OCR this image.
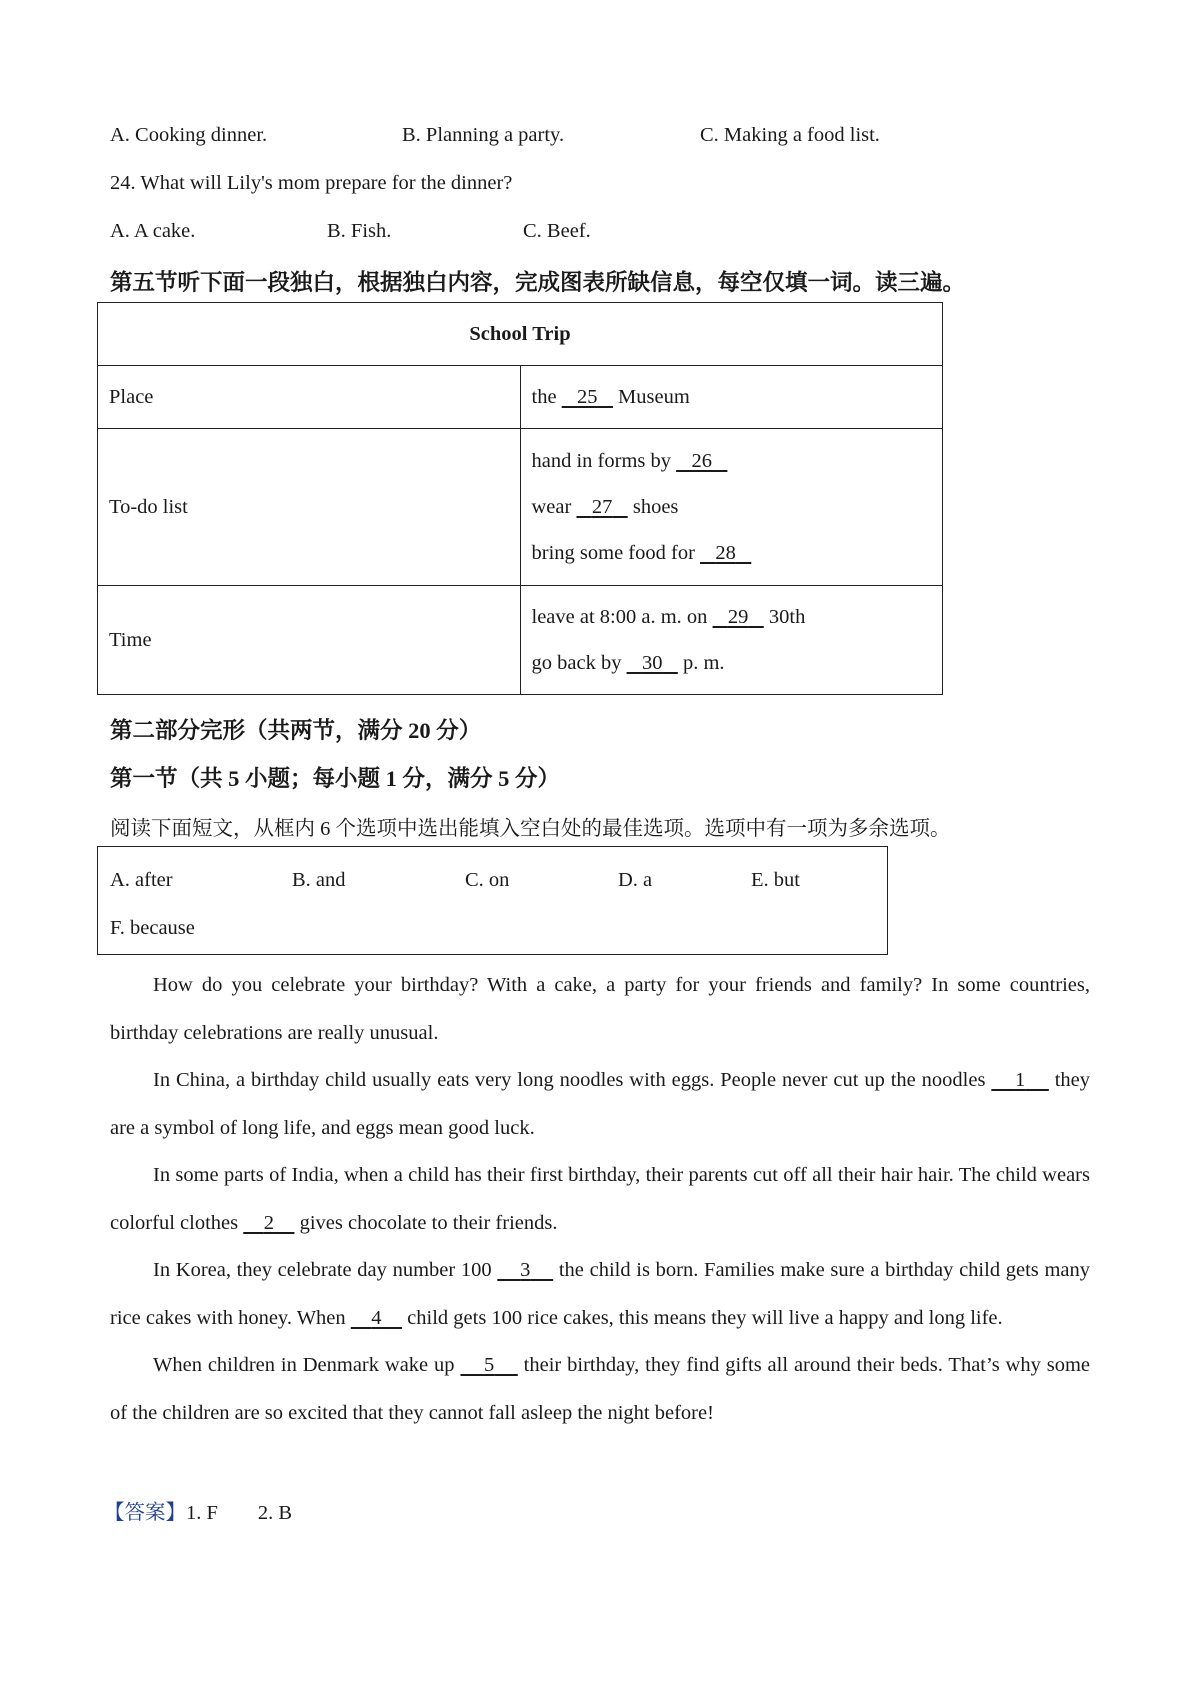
A. Cooking dinner.	B. Planning a party.	C. Making a food list.
24. What will Lily's mom prepare for the dinner?
A. A cake.	B. Fish.	C. Beef.
第五节听下面一段独白，根据独白内容，完成图表所缺信息，每空仅填一词。读三遍。
School Trip	
Place	the    25    Museum
To-do list	hand in forms by    26
wear    27    shoes
bring some food for    28

Time	leave at 8:00 a. m. on    29    30th
go back by    30    p. m.
第二部分完形（共两节，满分 20 分）
第一节（共 5 小题；每小题 1 分，满分 5 分）
阅读下面短文，从框内 6 个选项中选出能填入空白处的最佳选项。选项中有一项为多余选项。
A. after	B. and	C. on	D. a	E. but
F. because

How do you celebrate your birthday? With a cake, a party for your friends and family? In some countries, birthday celebrations are really unusual.

In China, a birthday child usually eats very long noodles with eggs. People never cut up the noodles     1     they are a symbol of long life, and eggs mean good luck.

In some parts of India, when a child has their first birthday, their parents cut off all their hair hair. The child wears colorful clothes     2     gives chocolate to their friends.

In Korea, they celebrate day number 100     3     the child is born. Families make sure a birthday child gets many rice cakes with honey. When     4     child gets 100 rice cakes, this means they will live a happy and long life.

When children in Denmark wake up     5     their birthday, they find gifts all around their beds. That’s why some of the children are so excited that they cannot fall asleep the night before!

【答案】1. F 2. B
